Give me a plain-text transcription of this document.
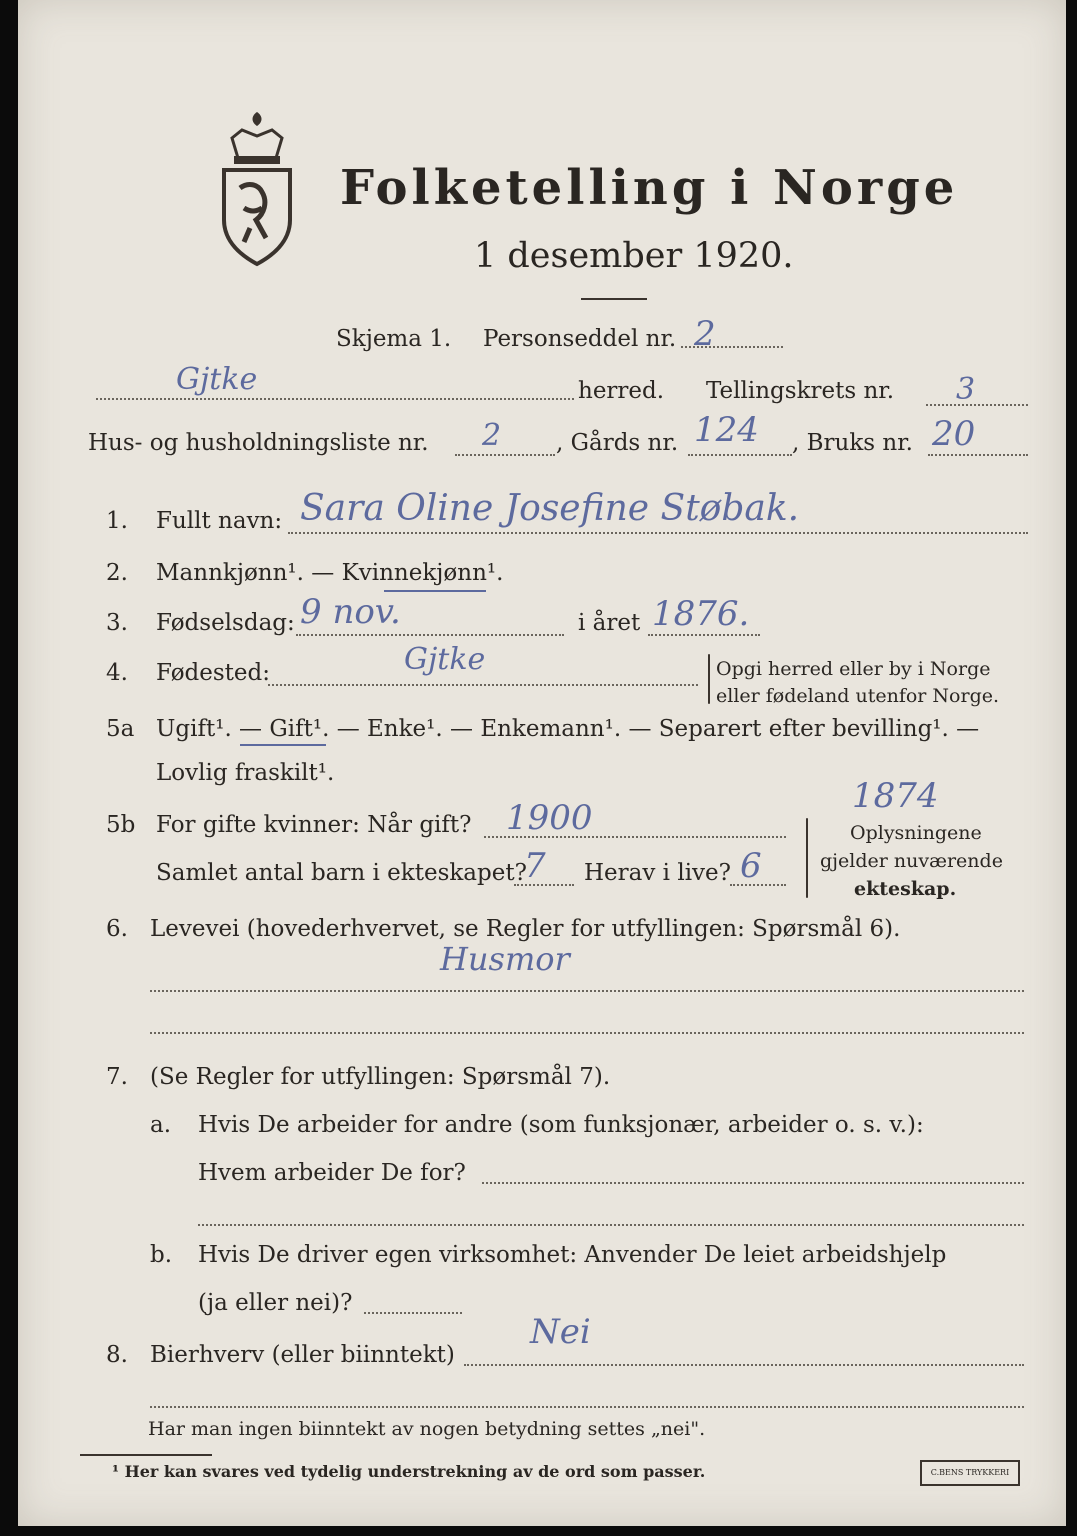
Folketelling i Norge
1 desember 1920.
Skjema 1. Personseddel nr. 2
Gjtke	herred. Tellingskrets nr. 3
Hus- og husholdningsliste nr. 2 , Gårds nr. 124 , Bruks nr. 20
1. Fullt navn: Sara Oline Josefine Støbak.
2. Mannkjønn¹. — Kvinnekjønn¹.
3. Fødselsdag: 9 nov.	i året 1876.
4. Fødested:	Gjtke	Opgi herred eller by i Norge
eller fødeland utenfor Norge.
5a Ugift¹. — Gift¹. — Enke¹. — Enkemann¹. — Separert efter bevilling¹. —
Lovlig fraskilt¹.
5b For gifte kvinner: Når gift? 1900
1874
Samlet antal barn i ekteskapet?
7 Herav i live? 6
Oplysningene
gjelder nuværende
ekteskap.
6. Levevei (hovederhvervet, se Regler for utfyllingen: Spørsmål 6).
Husmor
7. (Se Regler for utfyllingen: Spørsmål 7).
a. Hvis De arbeider for andre (som funksjonær, arbeider o. s. v.):
Hvem arbeider De for?
b. Hvis De driver egen virksomhet: Anvender De leiet arbeidshjelp
(ja eller nei)?
8. Bierhverv (eller biinntekt)
Nei
Har man ingen biinntekt av nogen betydning settes „nei".
¹ Her kan svares ved tydelig understrekning av de ord som passer.	C.BENS TRYKKERI
